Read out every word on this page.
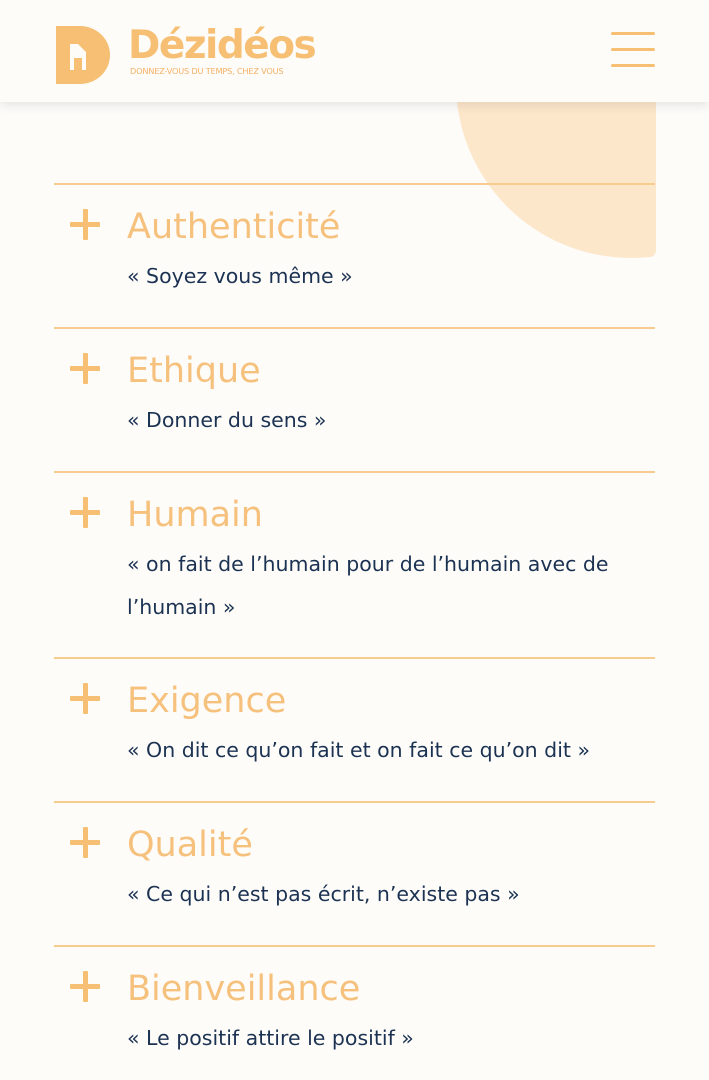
Dézidéos
DONNEZ-VOUS DU TEMPS, CHEZ VOUS
Authenticité
« Soyez vous même »
Ethique
« Donner du sens »
Humain
« on fait de l’humain pour de l’humain avec de l’humain »
Exigence
« On dit ce qu’on fait et on fait ce qu’on dit »
Qualité
« Ce qui n’est pas écrit, n’existe pas »
Bienveillance
« Le positif attire le positif »
